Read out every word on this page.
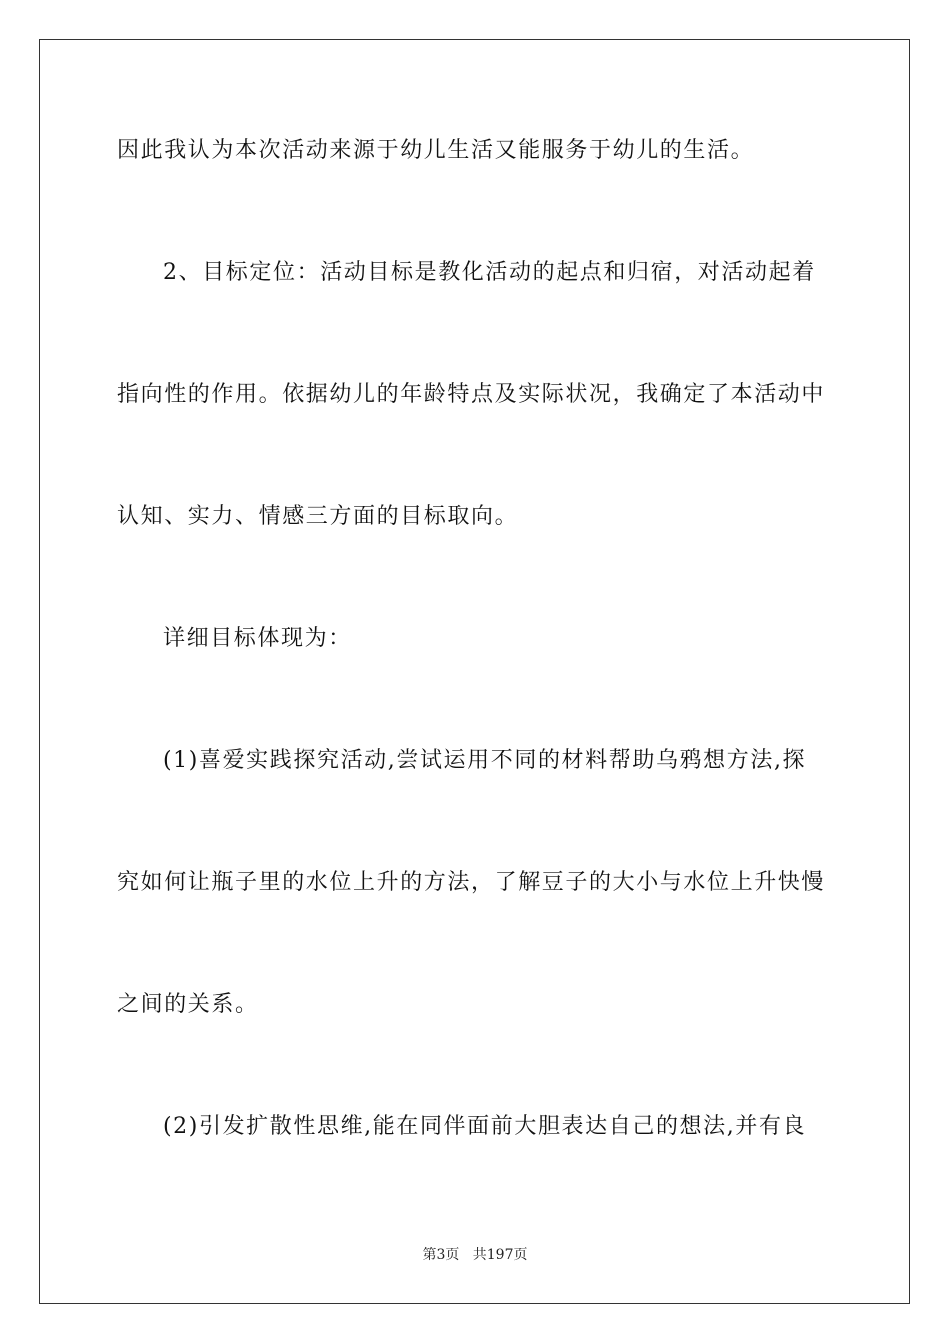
因此我认为本次活动来源于幼儿生活又能服务于幼儿的生活。
2、目标定位：活动目标是教化活动的起点和归宿，对活动起着
指向性的作用。依据幼儿的年龄特点及实际状况，我确定了本活动中
认知、实力、情感三方面的目标取向。
详细目标体现为：
(1)喜爱实践探究活动,尝试运用不同的材料帮助乌鸦想方法,探
究如何让瓶子里的水位上升的方法，了解豆子的大小与水位上升快慢
之间的关系。
(2)引发扩散性思维,能在同伴面前大胆表达自己的想法,并有良
第3页 共197页
